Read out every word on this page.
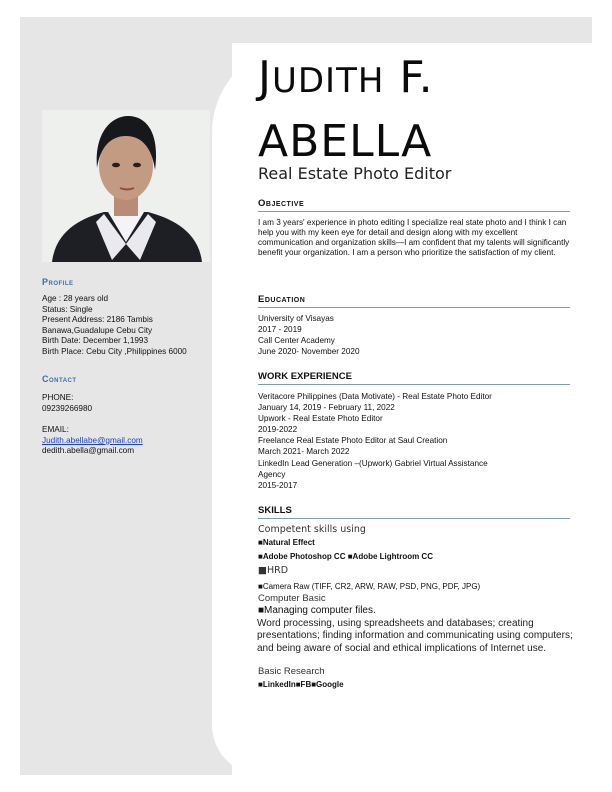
Profile
Age : 28 years old
Status: Single
Present Address: 2186 Tambis
Banawa,Guadalupe Cebu City
Birth Date: December 1,1993
Birth Place: Cebu City ,Philippines 6000
Contact
PHONE:
09239266980
EMAIL:
Judith.abellabe@gmail.com
dedith.abella@gmail.com
JUDITH F.
ABELLA
Real Estate Photo Editor
Objective
I am 3 years' experience in photo editing I specialize real state photo and I think I can help you with my keen eye for detail and design along with my excellent communication and organization skills—I am confident that my talents will significantly benefit your organization. I am a person who prioritize the satisfaction of my client.
Education
University of Visayas
2017 - 2019
Call Center Academy
June 2020- November 2020
WORK EXPERIENCE
Veritacore Philippines (Data Motivate) - Real Estate Photo Editor
January 14, 2019 - February 11, 2022
Upwork - Real Estate Photo Editor
2019-2022
Freelance Real Estate Photo Editor at Saul Creation
March 2021- March 2022
LinkedIn Lead Generation –(Upwork) Gabriel Virtual Assistance
Agency
2015-2017
SKILLS
Competent skills using
■Natural Effect
■Adobe Photoshop CC ■Adobe Lightroom CC
■HRD
■Camera Raw (TIFF, CR2, ARW, RAW, PSD, PNG, PDF, JPG)
Computer Basic
■Managing computer files.
Word processing, using spreadsheets and databases; creating presentations; finding information and communicating using computers; and being aware of social and ethical implications of Internet use.
Basic Research
■LinkedIn■FB■Google
